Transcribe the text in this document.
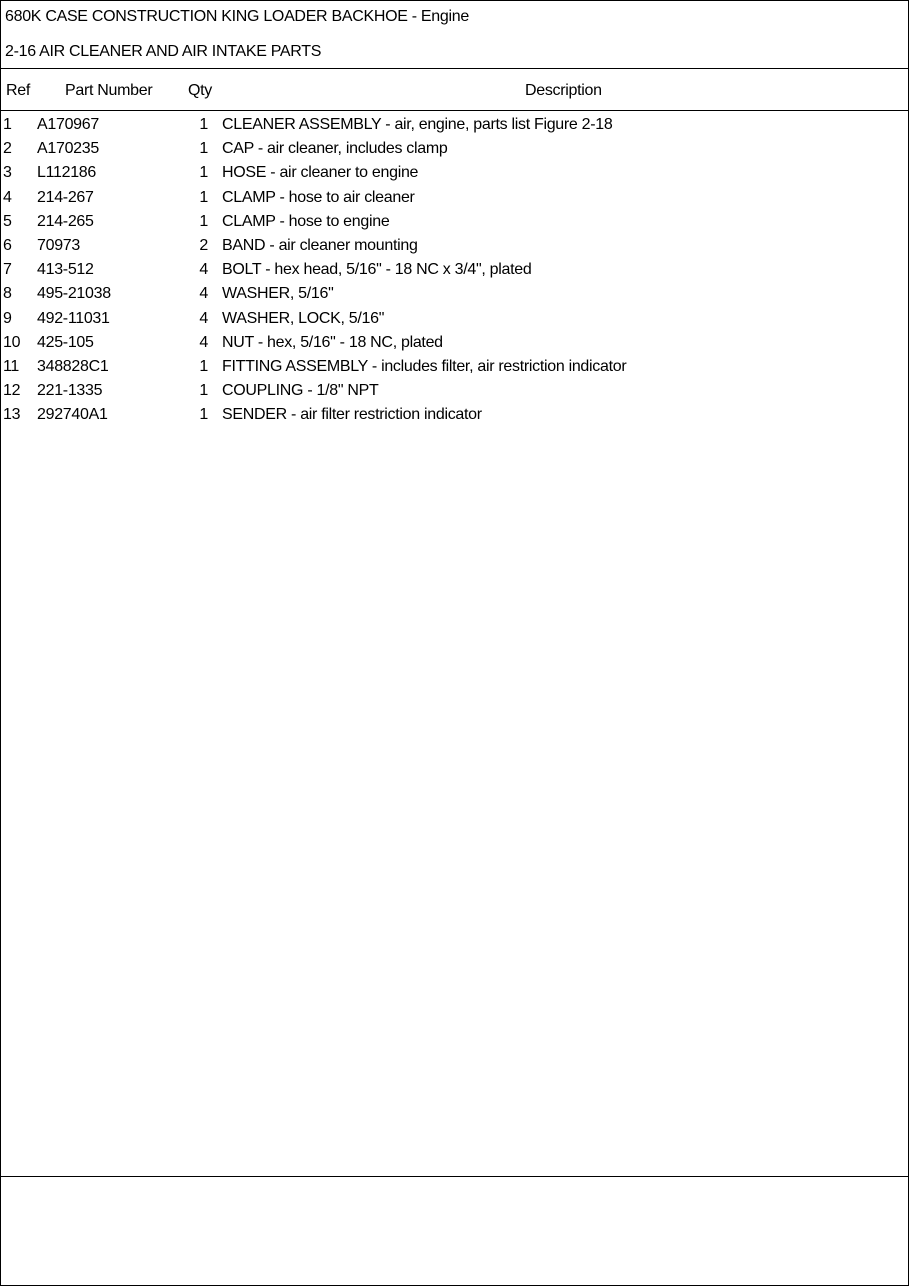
680K CASE CONSTRUCTION KING LOADER BACKHOE - Engine
2-16 AIR CLEANER AND AIR INTAKE PARTS
Ref Part Number Qty	Description
1 A170967	1 CLEANER ASSEMBLY - air, engine, parts list Figure 2-18
2 A170235	1 CAP - air cleaner, includes clamp
3 L112186	1 HOSE - air cleaner to engine
4 214-267	1 CLAMP - hose to air cleaner
5 214-265	1 CLAMP - hose to engine
6 70973	2 BAND - air cleaner mounting
7 413-512	4 BOLT - hex head, 5/16" - 18 NC x 3/4", plated
8 495-21038	4 WASHER, 5/16"
9 492-11031	4 WASHER, LOCK, 5/16"
10 425-105	4 NUT - hex, 5/16" - 18 NC, plated
11 348828C1	1 FITTING ASSEMBLY - includes filter, air restriction indicator
12 221-1335	1 COUPLING - 1/8" NPT
13 292740A1	1 SENDER - air filter restriction indicator
